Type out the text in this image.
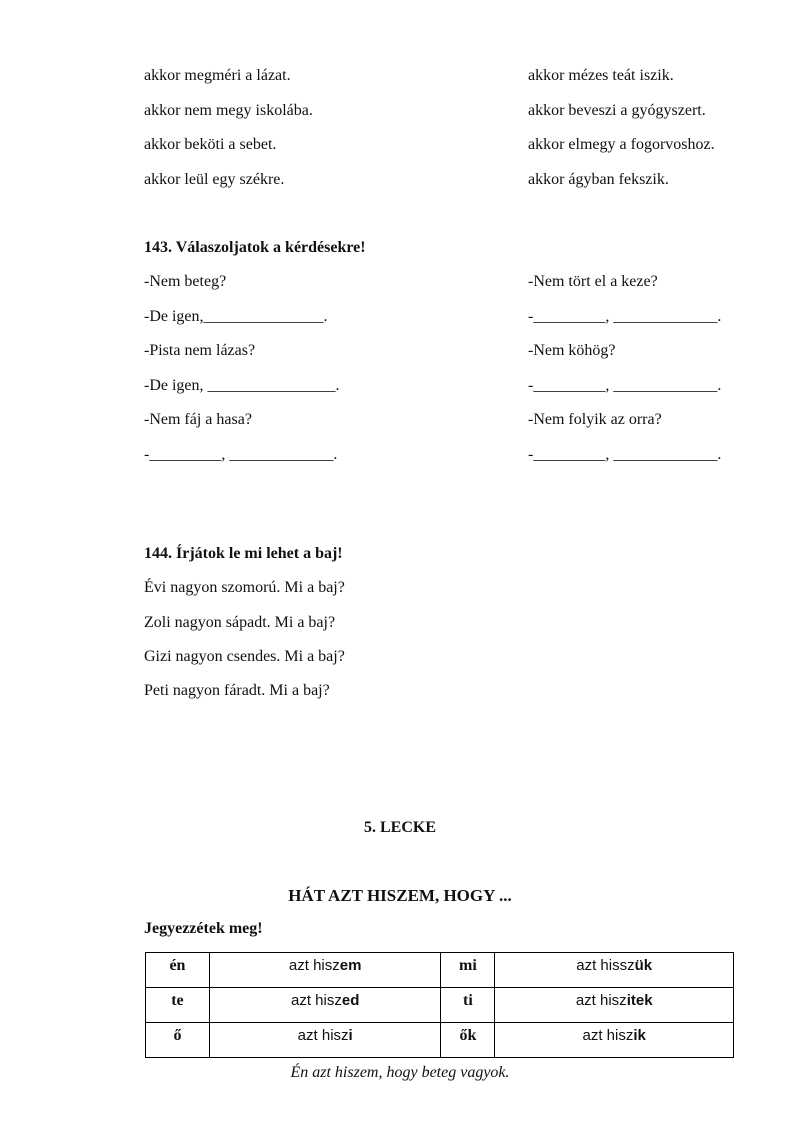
akkor megméri a lázat.
akkor nem megy iskolába.
akkor beköti a sebet.
akkor leül egy székre.
akkor mézes teát iszik.
akkor beveszi a gyógyszert.
akkor elmegy a fogorvoshoz.
akkor ágyban fekszik.
143. Válaszoljatok a kérdésekre!
-Nem beteg?
-De igen,_______________.
-Pista nem lázas?
-De igen, ________________.
-Nem fáj a hasa?
-_________, _____________.
-Nem tört el a keze?
-_________, _____________.
-Nem köhög?
-_________, _____________.
-Nem folyik az orra?
-_________, _____________.
144. Írjátok le mi lehet a baj!
Évi nagyon szomorú. Mi a baj?
Zoli nagyon sápadt. Mi a baj?
Gizi nagyon csendes. Mi a baj?
Peti nagyon fáradt. Mi a baj?
5. LECKE
HÁT AZT HISZEM, HOGY ...
Jegyezzétek meg!
én	azt hiszem	mi	azt hisszük
te	azt hiszed	ti	azt hiszitek
ő	azt hiszi	ők	azt hiszik
Én azt hiszem, hogy beteg vagyok.
